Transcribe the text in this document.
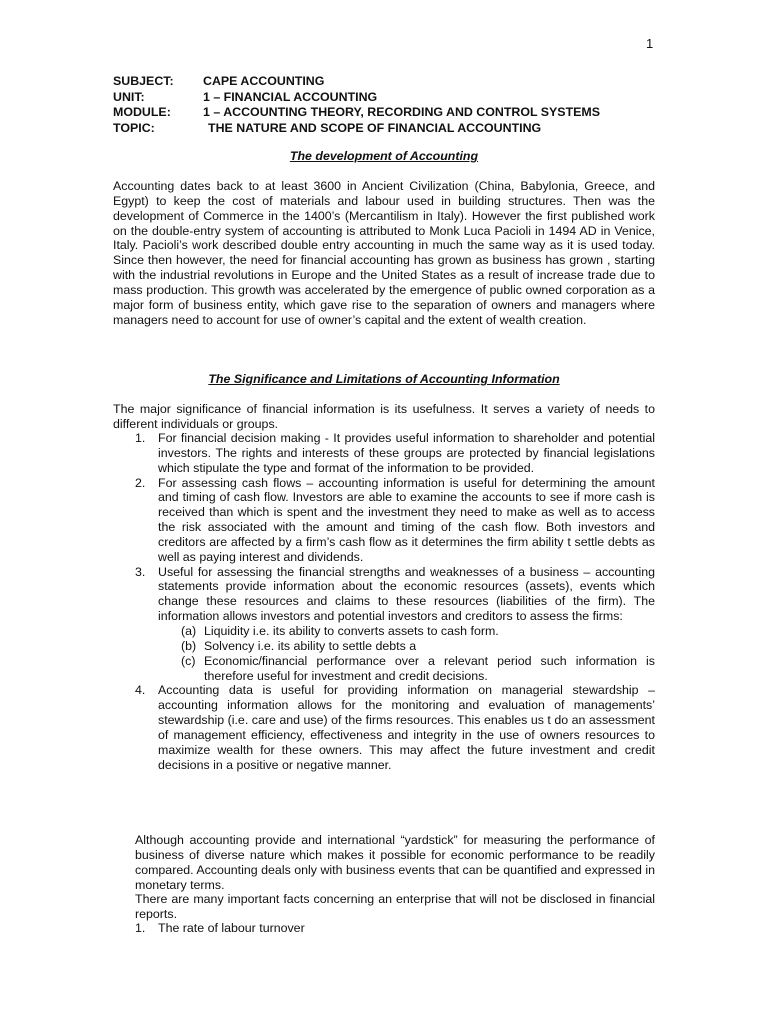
1
SUBJECT:	CAPE ACCOUNTING
UNIT:	1 – FINANCIAL ACCOUNTING
MODULE:	1 – ACCOUNTING THEORY, RECORDING AND CONTROL SYSTEMS
TOPIC:	THE NATURE AND SCOPE OF FINANCIAL ACCOUNTING
The development of Accounting

Accounting dates back to at least 3600 in Ancient Civilization (China, Babylonia, Greece, and Egypt) to keep the cost of materials and labour used in building structures. Then was the development of Commerce in the 1400’s (Mercantilism in Italy). However the first published work on the double-entry system of accounting is attributed to Monk Luca Pacioli in 1494 AD in Venice, Italy. Pacioli’s work described double entry accounting in much the same way as it is used today. Since then however, the need for financial accounting has grown as business has grown , starting with the industrial revolutions in Europe and the United States as a result of increase trade due to mass production. This growth was accelerated by the emergence of public owned corporation as a major form of business entity, which gave rise to the separation of owners and managers where managers need to account for use of owner’s capital and the extent of wealth creation.

The Significance and Limitations of Accounting Information

The major significance of financial information is its usefulness. It serves a variety of needs to different individuals or groups.

1.	For financial decision making - It provides useful information to shareholder and potential investors. The rights and interests of these groups are protected by financial legislations which stipulate the type and format of the information to be provided.
2.	For assessing cash flows – accounting information is useful for determining the amount and timing of cash flow. Investors are able to examine the accounts to see if more cash is received than which is spent and the investment they need to make as well as to access the risk associated with the amount and timing of the cash flow. Both investors and creditors are affected by a firm’s cash flow as it determines the firm ability t settle debts as well as paying interest and dividends.
3.	Useful for assessing the financial strengths and weaknesses of a business – accounting statements provide information about the economic resources (assets), events which change these resources and claims to these resources (liabilities of the firm). The information allows investors and potential investors and creditors to assess the firms:
(a) Liquidity i.e. its ability to converts assets to cash form.
(b) Solvency i.e. its ability to settle debts a
(c) Economic/financial performance over a relevant period such information is therefore useful for investment and credit decisions.
4.	Accounting data is useful for providing information on managerial stewardship – accounting information allows for the monitoring and evaluation of managements’ stewardship (i.e. care and use) of the firms resources. This enables us t do an assessment of management efficiency, effectiveness and integrity in the use of owners resources to maximize wealth for these owners. This may affect the future investment and credit decisions in a positive or negative manner.

Although accounting provide and international “yardstick” for measuring the performance of business of diverse nature which makes it possible for economic performance to be readily compared. Accounting deals only with business events that can be quantified and expressed in monetary terms.

There are many important facts concerning an enterprise that will not be disclosed in financial reports.

1.	The rate of labour turnover
